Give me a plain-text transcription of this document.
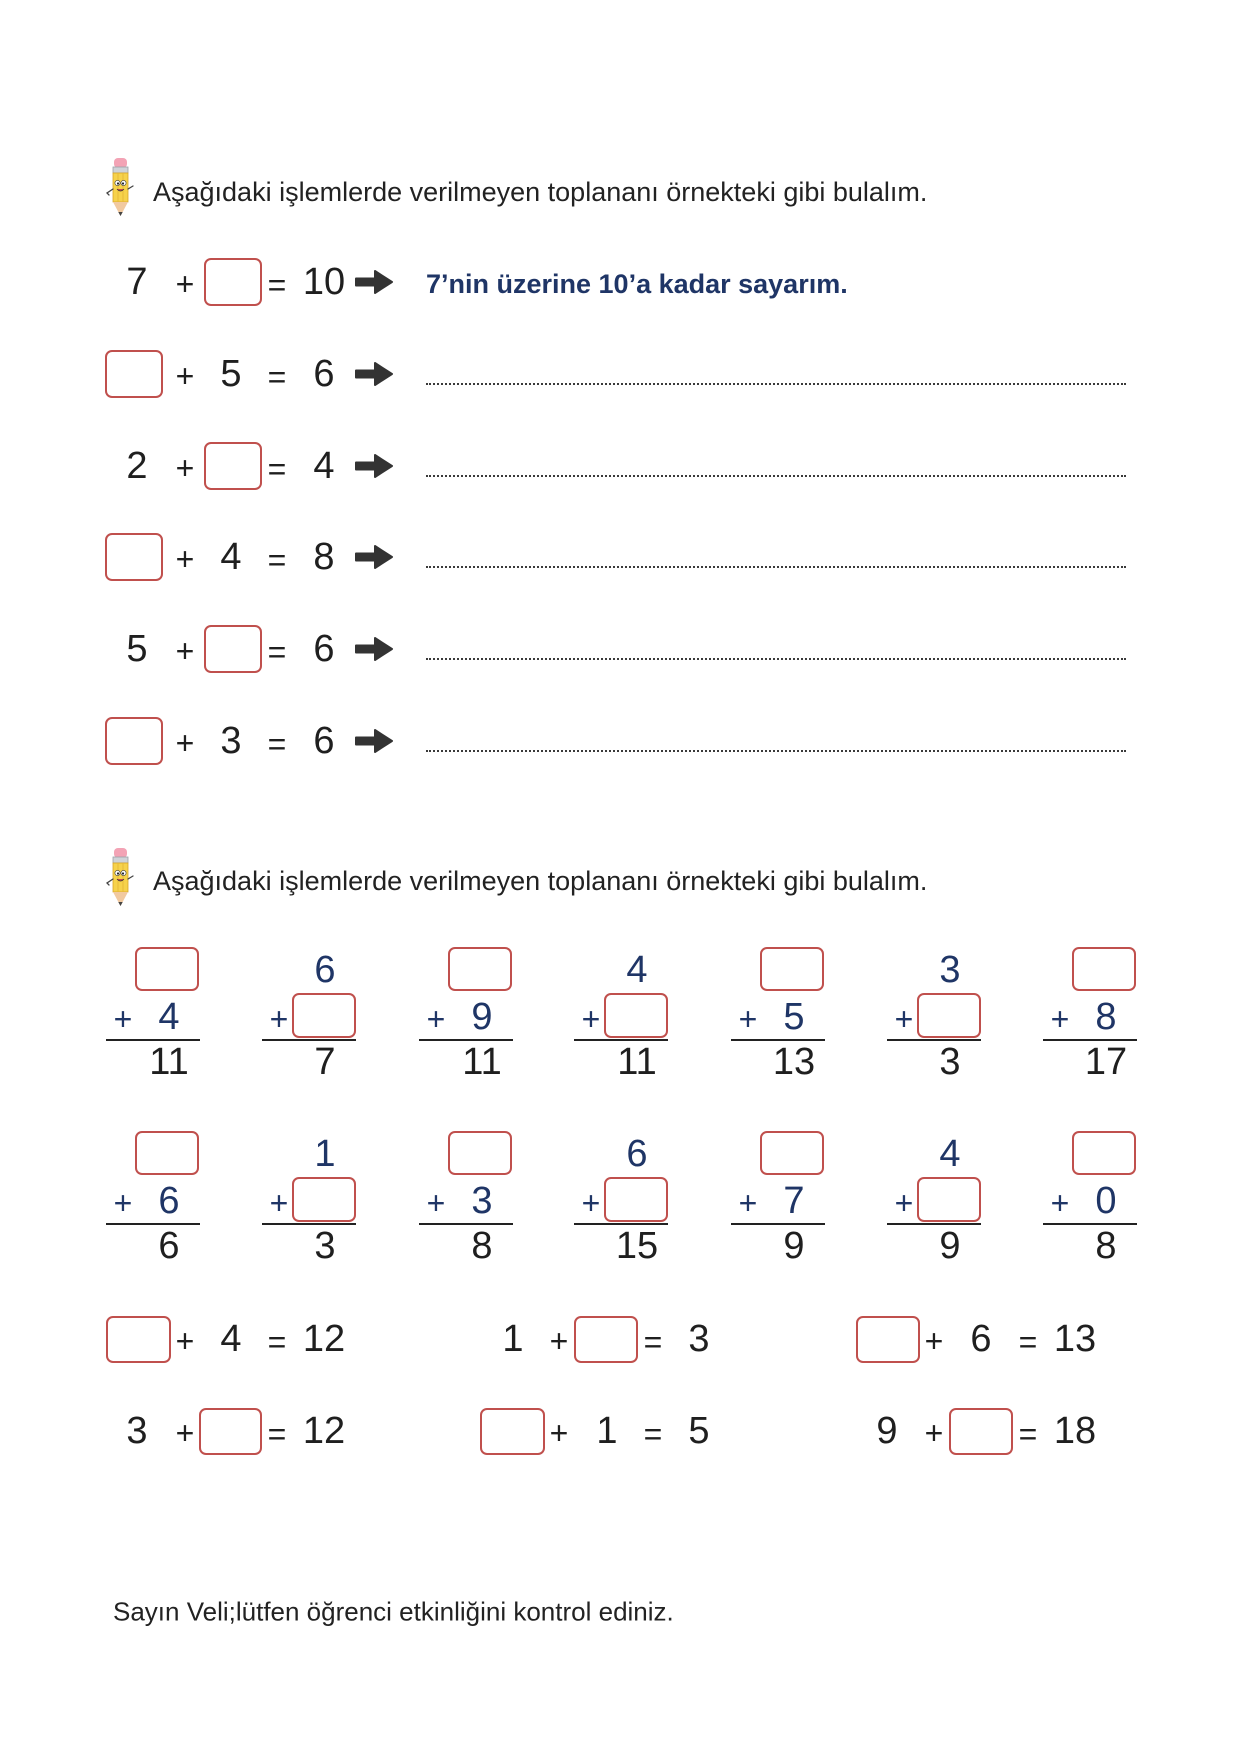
Aşağıdaki işlemlerde verilmeyen toplananı örnekteki gibi bulalım.
7 + = 10	7’nin üzerine 10’a kadar sayarım.
+ 5 = 6
2 + = 4
+ 4 = 8
5 + = 6
+ 3 = 6
Aşağıdaki işlemlerde verilmeyen toplananı örnekteki gibi bulalım.
+ 4
11
6
+
7
+ 9
11
4
+
11
+ 5
13
3
+
3
+ 8
17
+ 6
6
1
+
3
+ 3
8
6
+
15
+ 7
9
4
+
9
+ 0
8
+ 4 = 12	1 + = 3	+ 6 = 13
3 + = 12	+ 1 = 5	9 + = 18
Sayın Veli;lütfen öğrenci etkinliğini kontrol ediniz.
